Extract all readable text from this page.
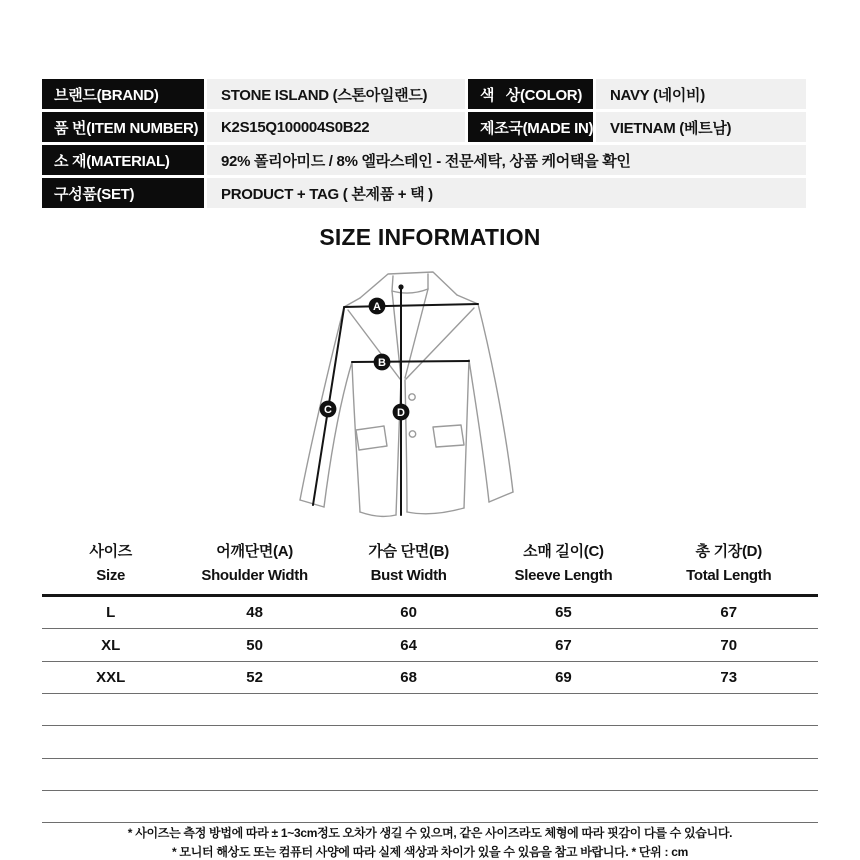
브랜드(BRAND)	STONE ISLAND (스톤아일랜드)	색   상(COLOR)	NAVY (네이비)
품 번(ITEM NUMBER)	K2S15Q100004S0B22	제조국(MADE IN)	VIETNAM (베트남)
소 재(MATERIAL)	92% 폴리아미드 / 8% 엘라스테인 - 전문세탁, 상품 케어택을 확인
구성품(SET)	PRODUCT + TAG ( 본제품 + 택 )
SIZE INFORMATION
A
B
C	D
사이즈
Size
어깨단면(A)
Shoulder Width
가슴 단면(B)
Bust Width
소매 길이(C)
Sleeve Length
총 기장(D)
Total Length
L	48	60	65	67
XL	50	64	67	70
XXL	52	68	69	73
* 사이즈는 측정 방법에 따라 ± 1~3cm정도 오차가 생길 수 있으며, 같은 사이즈라도 체형에 따라 핏감이 다를 수 있습니다.
* 모니터 해상도 또는 컴퓨터 사양에 따라 실제 색상과 차이가 있을 수 있음을 참고 바랍니다. * 단위 : cm
